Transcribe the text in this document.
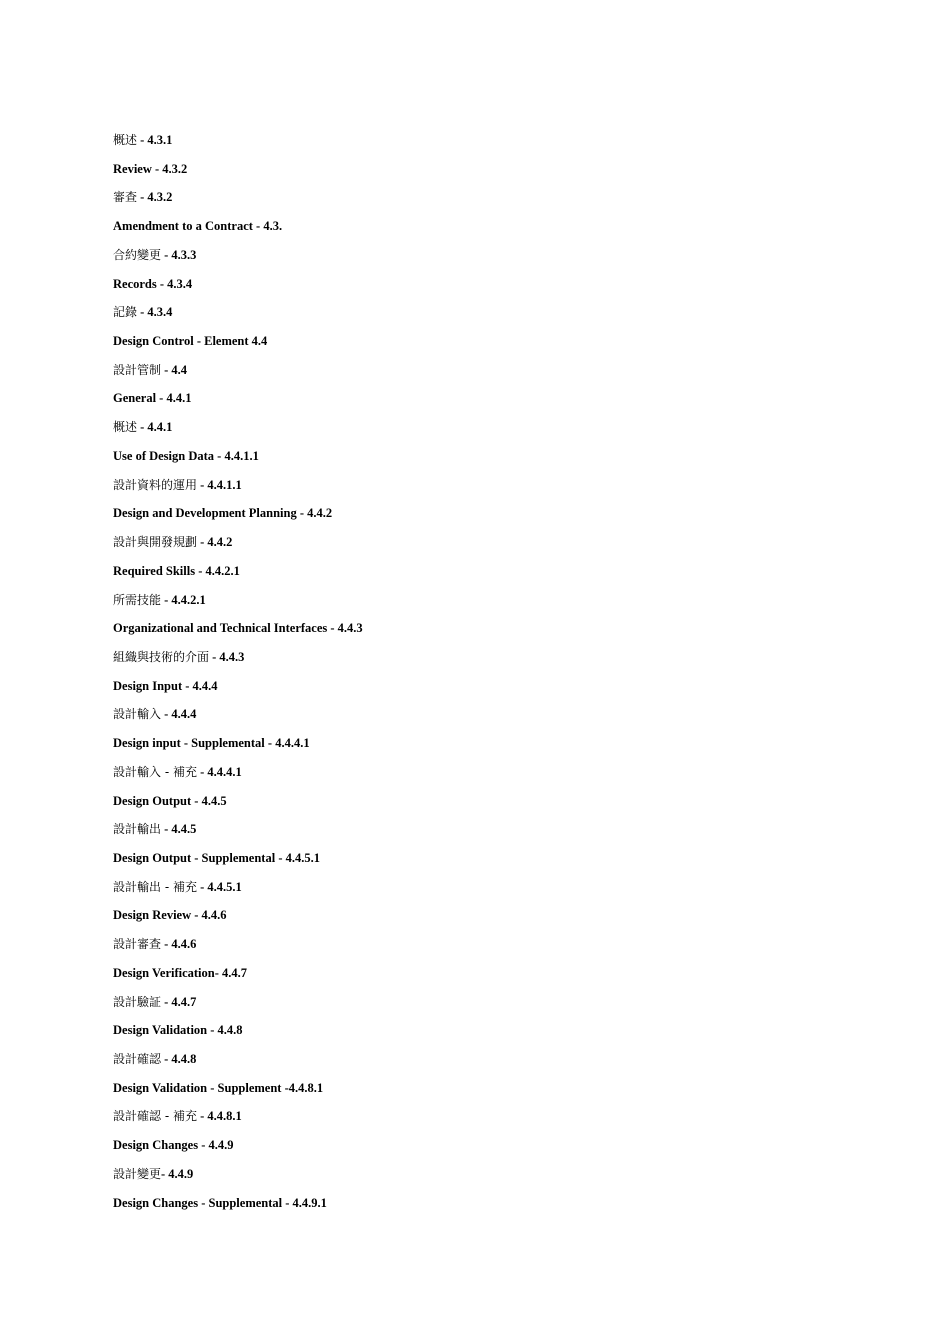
概述 - 4.3.1
Review - 4.3.2
審查 - 4.3.2
Amendment to a Contract - 4.3.
合約變更 - 4.3.3
Records - 4.3.4
記錄 - 4.3.4
Design Control - Element 4.4
設計管制 - 4.4
General - 4.4.1
概述 - 4.4.1
Use of Design Data - 4.4.1.1
設計資料的運用 - 4.4.1.1
Design and Development Planning - 4.4.2
設計與開發規劃 - 4.4.2
Required Skills - 4.4.2.1
所需技能 - 4.4.2.1
Organizational and Technical Interfaces - 4.4.3
組織與技術的介面 - 4.4.3
Design Input - 4.4.4
設計輸入 - 4.4.4
Design input - Supplemental - 4.4.4.1
設計輸入 - 補充 - 4.4.4.1
Design Output - 4.4.5
設計輸出 - 4.4.5
Design Output - Supplemental - 4.4.5.1
設計輸出 - 補充 - 4.4.5.1
Design Review - 4.4.6
設計審查 - 4.4.6
Design Verification- 4.4.7
設計驗証 - 4.4.7
Design Validation - 4.4.8
設計確認 - 4.4.8
Design Validation - Supplement -4.4.8.1
設計確認 - 補充 - 4.4.8.1
Design Changes - 4.4.9
設計變更- 4.4.9
Design Changes - Supplemental - 4.4.9.1
